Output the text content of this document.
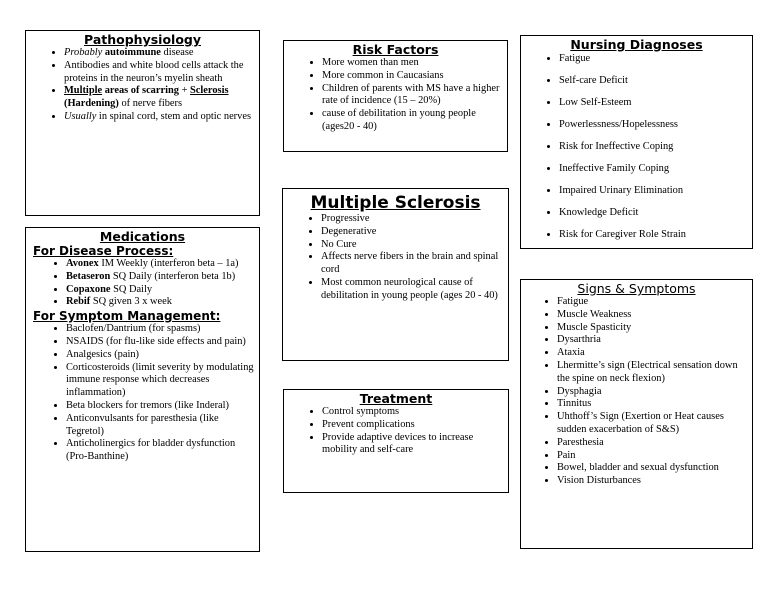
Pathophysiology
• Probably autoimmune disease
• Antibodies and white blood cells attack the proteins in the neuron’s myelin sheath
• Multiple areas of scarring + Sclerosis (Hardening) of nerve fibers
• Usually in spinal cord, stem and optic nerves
Risk Factors
• More women than men
• More common in Caucasians
• Children of parents with MS have a higher rate of incidence (15 – 20%)
• cause of debilitation in young people (ages20 - 40)
Nursing Diagnoses
• Fatigue
• Self-care Deficit
• Low Self-Esteem
• Powerlessness/Hopelessness
• Risk for Ineffective Coping
• Ineffective Family Coping
• Impaired Urinary Elimination
• Knowledge Deficit
• Risk for Caregiver Role Strain
Multiple Sclerosis
• Progressive
• Degenerative
• No Cure
• Affects nerve fibers in the brain and spinal cord
• Most common neurological cause of debilitation in young people (ages 20 - 40)
Medications
For Disease Process:
• Avonex IM Weekly (interferon beta – 1a)
• Betaseron SQ Daily (interferon beta 1b)
• Copaxone SQ Daily
• Rebif SQ given 3 x week
For Symptom Management:
• Baclofen/Dantrium (for spasms)
• NSAIDS (for flu-like side effects and pain)
• Analgesics (pain)
• Corticosteroids (limit severity by modulating immune response which decreases inflammation)
• Beta blockers for tremors (like Inderal)
• Anticonvulsants for paresthesia (like Tegretol)
• Anticholinergics for bladder dysfunction (Pro-Banthine)
Treatment
• Control symptoms
• Prevent complications
• Provide adaptive devices to increase mobility and self-care
Signs & Symptoms
• Fatigue
• Muscle Weakness
• Muscle Spasticity
• Dysarthria
• Ataxia
• Lhermitte’s sign (Electrical sensation down the spine on neck flexion)
• Dysphagia
• Tinnitus
• Uhthoff’s Sign (Exertion or Heat causes sudden exacerbation of S&S)
• Paresthesia
• Pain
• Bowel, bladder and sexual dysfunction
• Vision Disturbances
